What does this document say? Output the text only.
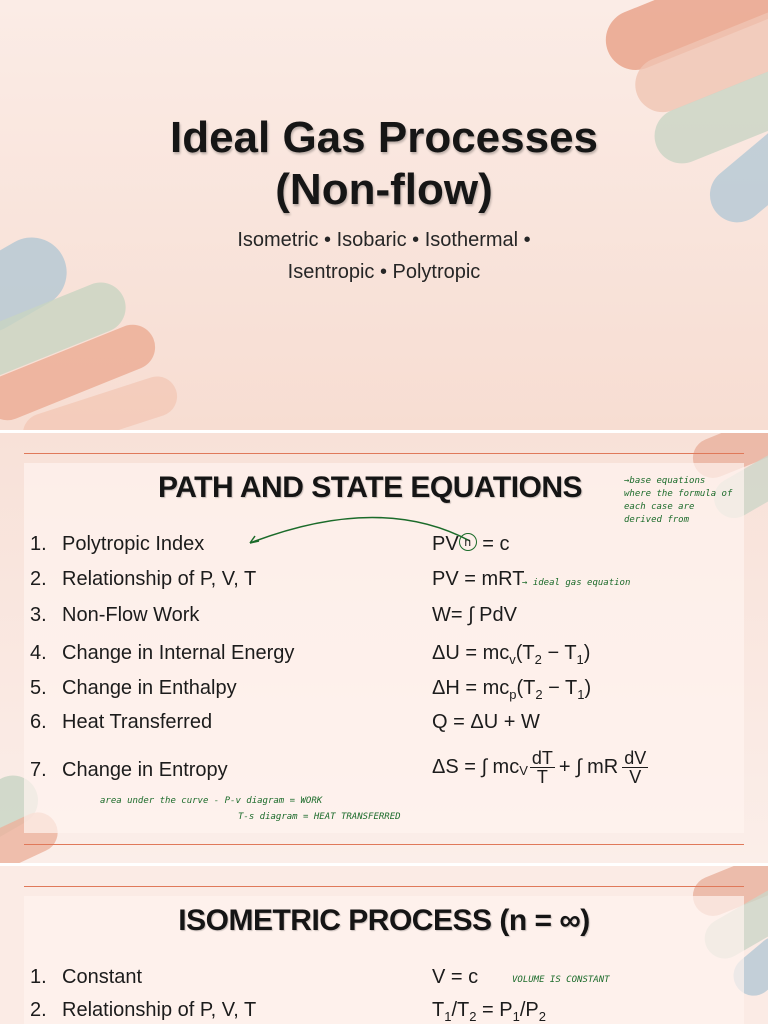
Ideal Gas Processes
(Non-flow)
Isometric • Isobaric • Isothermal •
Isentropic • Polytropic
PATH AND STATE EQUATIONS	→base equations
where the formula of
each case are
derived from
1. Polytropic Index	PV $^n$ = c
2. Relationship of P, V, T	PV = mRT
→ ideal gas equation
3. Non-Flow Work	W= ∫ PdV
4. Change in Internal Energy	$\Delta U = mc_v(T_2 - T_1)$
5. Change in Enthalpy	$\Delta H = mc_p(T_2 - T_1)$
6. Heat Transferred	Q = ΔU + W
7. Change in Entropy	ΔS = ∫ $mc_V \frac{dT}{T}$ + ∫ mR $\frac{dV}{V}$
area under the curve - P-v diagram = WORK
T-s diagram = HEAT TRANSFERRED
ISOMETRIC PROCESS (n = ∞)
1. Constant	V = c	VOLUME IS CONSTANT
2. Relationship of P, V, T	$T_1/T_2 = P_1/P_2$
